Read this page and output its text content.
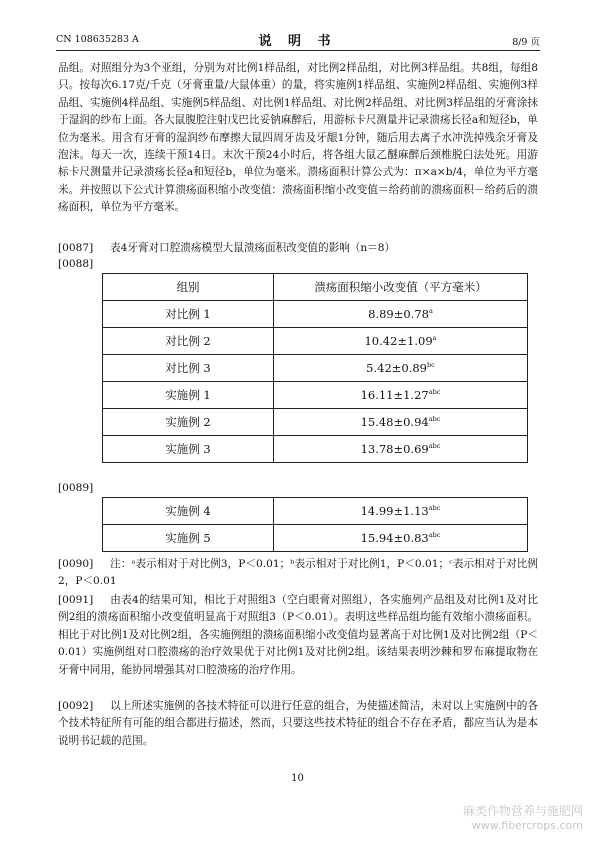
CN 108635283 A	说 明 书	8/9 页

品组。对照组分为3个亚组，分别为对比例1样品组，对比例2样品组，对比例3样品组。共8组，每组8只。按每次6.17克/千克（牙膏重量/大鼠体重）的量，将实施例1样品组、实施例2样品组、实施例3样品组、实施例4样品组、实施例5样品组、对比例1样品组、对比例2样品组、对比例3样品组的牙膏涂抹于湿润的纱布上面。各大鼠腹腔注射戊巴比妥钠麻醉后，用游标卡尺测量并记录溃疡长径a和短径b，单位为毫米。用含有牙膏的湿润纱布摩擦大鼠四周牙齿及牙龈1分钟，随后用去离子水冲洗掉残余牙膏及泡沫。每天一次，连续干预14日。末次干预24小时后，将各组大鼠乙醚麻醉后颈椎脱臼法处死。用游标卡尺测量并记录溃疡长径a和短径b，单位为毫米。溃疡面积计算公式为：π×a×b/4，单位为平方毫米。并按照以下公式计算溃疡面积缩小改变值：溃疡面积缩小改变值＝给药前的溃疡面积－给药后的溃疡面积，单位为平方毫米。

[0087] 表4牙膏对口腔溃疡模型大鼠溃疡面积改变值的影响（n＝8）

[0088]
组别	溃疡面积缩小改变值（平方毫米）
对比例 1	8.89±0.78$^a$
对比例 2	10.42±1.09$^a$
对比例 3	5.42±0.89$^{bc}$
实施例 1	16.11±1.27$^{abc}$
实施例 2	15.48±0.94$^{abc}$
实施例 3	13.78±0.69$^{abc}$
[0089]
实施例 4	14.99±1.13$^{abc}$
实施例 5	15.94±0.83$^{abc}$

[0090] 注：ᵃ表示相对于对比例3，P＜0.01；ᵇ表示相对于对比例1，P＜0.01；ᶜ表示相对于对比例2，P＜0.01

[0091] 由表4的结果可知，相比于对照组3（空白眼膏对照组），各实施列产品组及对比例1及对比例2组的溃疡面积缩小改变值明显高于对照组3（P＜0.01）。表明这些样品组均能有效缩小溃疡面积。相比于对比例1及对比例2组，各实施例组的溃疡面积缩小改变值均显著高于对比例1及对比例2组（P＜0.01）实施例组对口腔溃疡的治疗效果优于对比例1及对比例2组。该结果表明沙棘和罗布麻提取物在牙膏中同用，能协同增强其对口腔溃疡的治疗作用。

[0092] 以上所述实施例的各技术特征可以进行任意的组合，为使描述简洁，未对以上实施例中的各个技术特征所有可能的组合都进行描述，然而，只要这些技术特征的组合不存在矛盾，都应当认为是本说明书记载的范围。

10
麻类作物营养与施肥网
www.fibercrops.com
